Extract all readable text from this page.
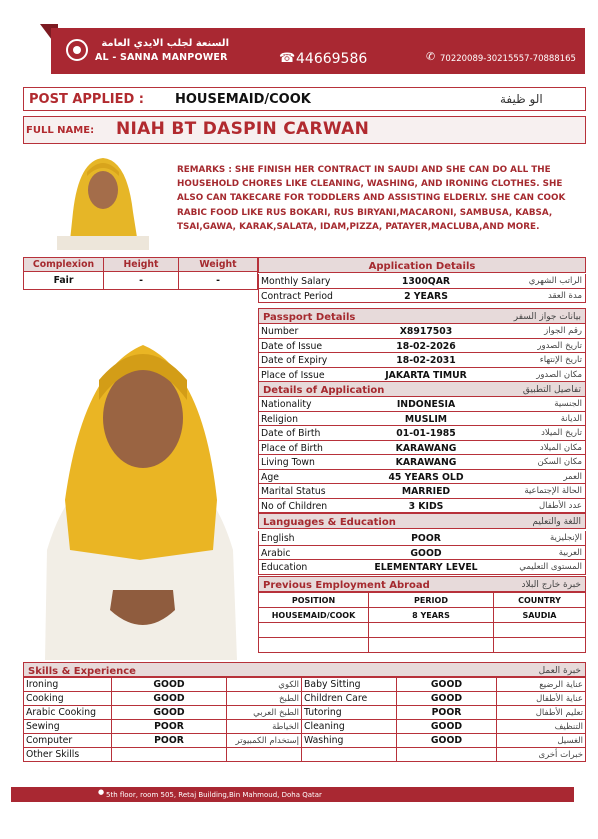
السنعة لجلب الايدي العامة
AL - SANNA MANPOWER	☎ 44669586	✆ 70220089-30215557-70888165
POST APPLIED : HOUSEMAID/COOK	الو ظيفة
FULL NAME: NIAH BT DASPIN CARWAN
REMARKS : SHE FINISH HER CONTRACT IN SAUDI AND SHE CAN DO ALL THE HOUSEHOLD CHORES LIKE CLEANING, WASHING, AND IRONING CLOTHES. SHE ALSO CAN TAKECARE FOR TODDLERS AND ASSISTING ELDERLY. SHE CAN COOK RABIC FOOD LIKE RUS BOKARI, RUS BIRYANI,MACARONI, SAMBUSA, KABSA, TSAI,GAWA, KARAK,SALATA, IDAM,PIZZA, PATAYER,MACLUBA,AND MORE.
Complexion	Height	Weight
Fair	-	-
Application Details
Monthly Salary	1300QAR	الراتب الشهري
Contract Period	2 YEARS	مدة العقد
Passport Details	بيانات جواز السفر
Number	X8917503	رقم الجواز
Date of Issue	18-02-2026	تاريخ الصدور
Date of Expiry	18-02-2031	تاريخ الإنتهاء
Place of Issue	JAKARTA TIMUR	مكان الصدور
Details of Application	تفاصيل التطبيق
Nationality	INDONESIA	الجنسية
Religion	MUSLIM	الديانة
Date of Birth	01-01-1985	تاريخ الميلاد
Place of Birth	KARAWANG	مكان الميلاد
Living Town	KARAWANG	مكان السكن
Age	45 YEARS OLD	العمر
Marital Status	MARRIED	الحالة الإجتماعية
No of Children	3 KIDS	عدد الأطفال
Languages & Education	اللغة والتعليم
English	POOR	الإنجليزية
Arabic	GOOD	العربية
Education	ELEMENTARY LEVEL	المستوى التعليمي
Previous Employment Abroad	خبرة خارج البلاد
POSITION	PERIOD	COUNTRY
HOUSEMAID/COOK	8 YEARS	SAUDIA

Skills & Experience	خبرة العمل
Ironing	GOOD	الكوي	Baby Sitting	GOOD	عناية الرضيع
Cooking	GOOD	الطبخ	Children Care	GOOD	عناية الأطفال
Arabic Cooking	GOOD	الطبخ العربي	Tutoring	POOR	تعليم الأطفال
Sewing	POOR	الخياطة	Cleaning	GOOD	التنظيف
Computer	POOR	إستخدام الكمبيوتر	Washing	GOOD	الغسيل
Other Skills					خبرات أخرى
● 5th floor, room 505, Retaj Building,Bin Mahmoud, Doha Qatar
